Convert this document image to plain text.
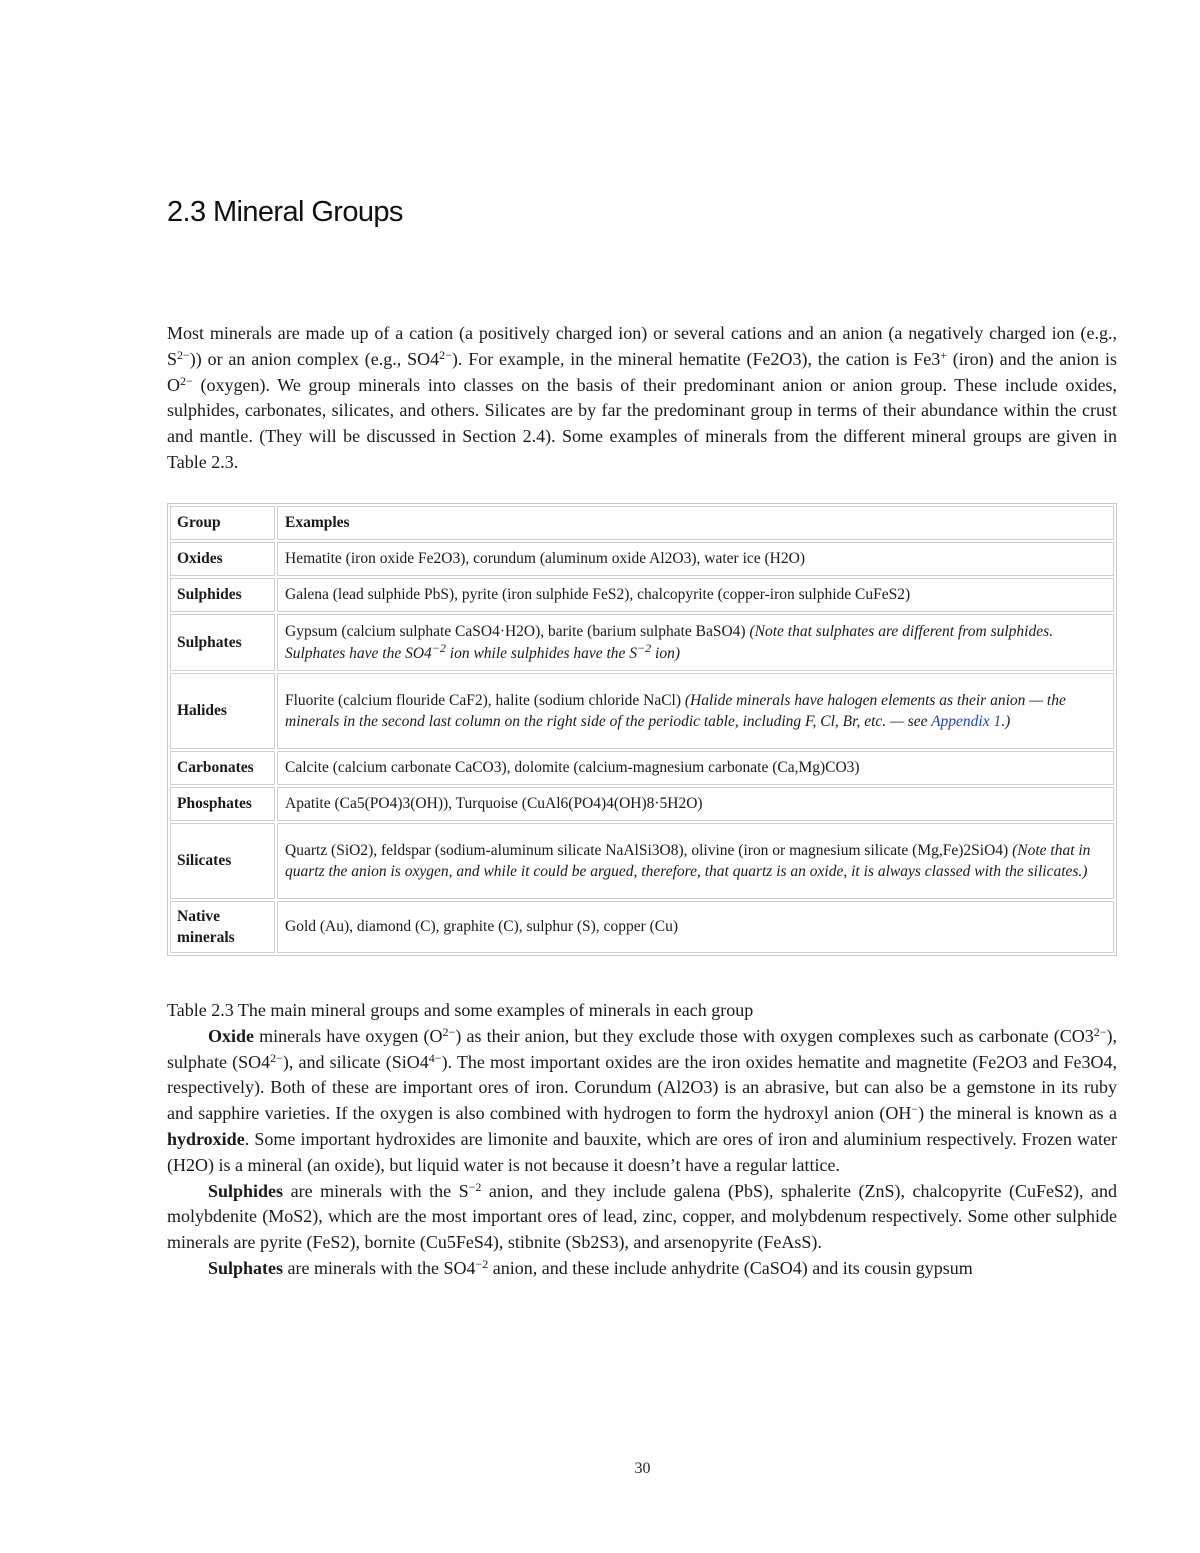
2.3 Mineral Groups

Most minerals are made up of a cation (a positively charged ion) or several cations and an anion (a negatively charged ion (e.g., $S^{2-}$)) or an anion complex (e.g., $SO4^{2-}$). For example, in the mineral hematite (Fe2O3), the cation is Fe3+ (iron) and the anion is $O^{2-}$ (oxygen). We group minerals into classes on the basis of their predominant anion or anion group. These include oxides, sulphides, carbonates, silicates, and others. Silicates are by far the predominant group in terms of their abundance within the crust and mantle. (They will be discussed in Section 2.4). Some examples of minerals from the different mineral groups are given in Table 2.3.

Group	Examples
Oxides	Hematite (iron oxide Fe2O3), corundum (aluminum oxide Al2O3), water ice (H2O)
Sulphides	Galena (lead sulphide PbS), pyrite (iron sulphide FeS2), chalcopyrite (copper-iron sulphide CuFeS2)
Sulphates	Gypsum (calcium sulphate CaSO4·H2O), barite (barium sulphate BaSO4) (Note that sulphates are different from sulphides. Sulphates have the $SO4^{-2}$ ion while sulphides have the $S^{-2}$ ion)
Halides	Fluorite (calcium flouride CaF2), halite (sodium chloride NaCl) (Halide minerals have halogen elements as their anion — the minerals in the second last column on the right side of the periodic table, including F, Cl, Br, etc. — see Appendix 1.)
Carbonates	Calcite (calcium carbonate CaCO3), dolomite (calcium-magnesium carbonate (Ca,Mg)CO3)
Phosphates	Apatite (Ca5(PO4)3(OH)), Turquoise (CuAl6(PO4)4(OH)8·5H2O)
Silicates	Quartz (SiO2), feldspar (sodium-aluminum silicate NaAlSi3O8), olivine (iron or magnesium silicate (Mg,Fe)2SiO4) (Note that in quartz the anion is oxygen, and while it could be argued, therefore, that quartz is an oxide, it is always classed with the silicates.)
Native minerals	Gold (Au), diamond (C), graphite (C), sulphur (S), copper (Cu)

Table 2.3 The main mineral groups and some examples of minerals in each group

Oxide minerals have oxygen $(O^{2-})$ as their anion, but they exclude those with oxygen complexes such as carbonate $(CO3^{2-})$, sulphate $(SO4^{2-})$, and silicate $(SiO4^{4-})$. The most important oxides are the iron oxides hematite and magnetite (Fe2O3 and Fe3O4, respectively). Both of these are important ores of iron. Corundum (Al2O3) is an abrasive, but can also be a gemstone in its ruby and sapphire varieties. If the oxygen is also combined with hydrogen to form the hydroxyl anion (OH−) the mineral is known as a hydroxide. Some important hydroxides are limonite and bauxite, which are ores of iron and aluminium respectively. Frozen water (H2O) is a mineral (an oxide), but liquid water is not because it doesn’t have a regular lattice.

Sulphides are minerals with the $S^{-2}$ anion, and they include galena (PbS), sphalerite (ZnS), chalcopyrite (CuFeS2), and molybdenite (MoS2), which are the most important ores of lead, zinc, copper, and molybdenum respectively. Some other sulphide minerals are pyrite (FeS2), bornite (Cu5FeS4), stibnite (Sb2S3), and arsenopyrite (FeAsS).

Sulphates are minerals with the $SO4^{-2}$ anion, and these include anhydrite (CaSO4) and its cousin gypsum

30
